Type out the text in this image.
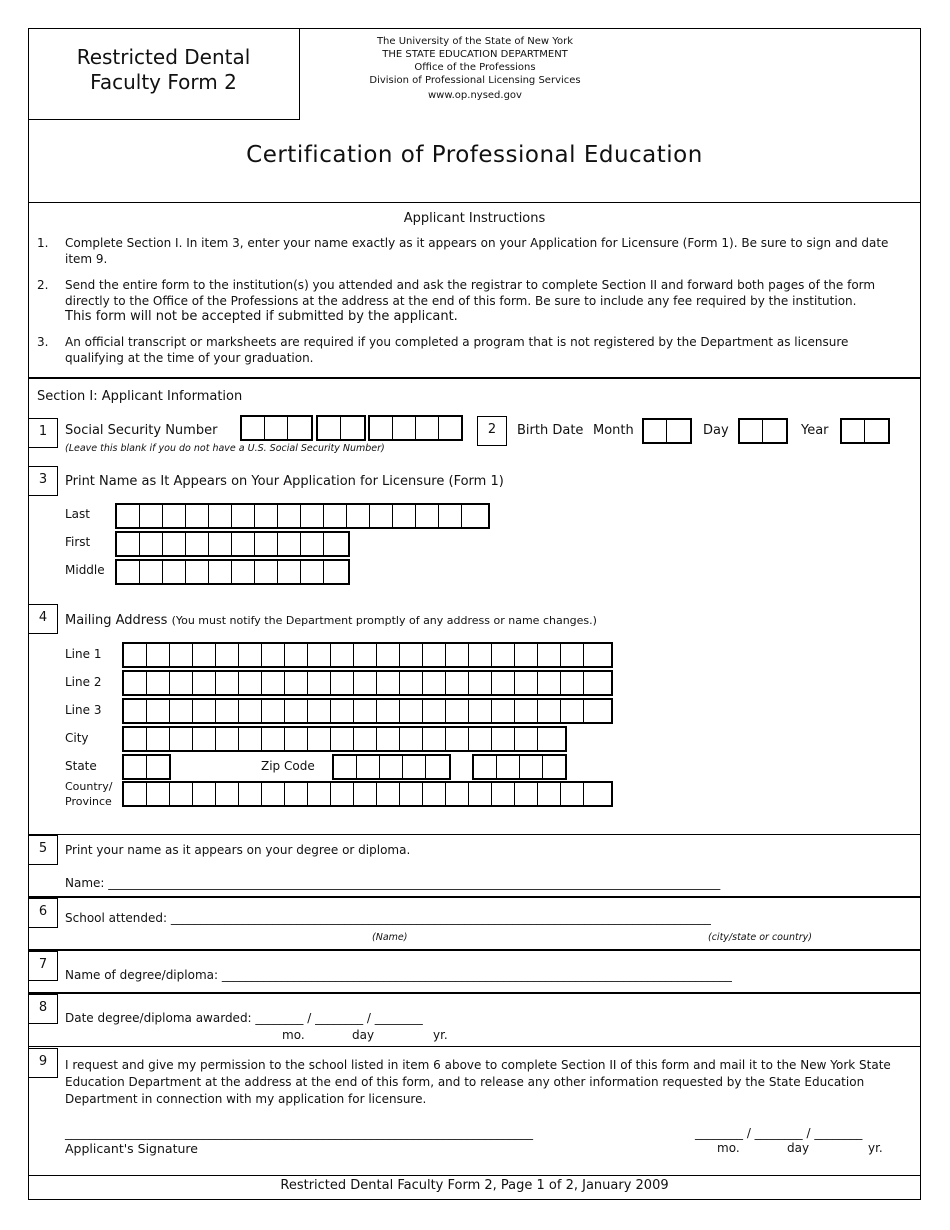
Restricted Dental
Faculty Form 2
The University of the State of New York
THE STATE EDUCATION DEPARTMENT
Office of the Professions
Division of Professional Licensing Services
www.op.nysed.gov
Certification of Professional Education
Applicant Instructions
1. Complete Section I. In item 3, enter your name exactly as it appears on your Application for Licensure (Form 1). Be sure to sign and date item 9.
2. Send the entire form to the institution(s) you attended and ask the registrar to complete Section II and forward both pages of the form directly to the Office of the Professions at the address at the end of this form. Be sure to include any fee required by the institution.
This form will not be accepted if submitted by the applicant.
3. An official transcript or marksheets are required if you completed a program that is not registered by the Department as licensure qualifying at the time of your graduation.
Section I: Applicant Information
1	Social Security Number
(Leave this blank if you do not have a U.S. Social Security Number)
2	Birth Date Month	Day	Year
3	Print Name as It Appears on Your Application for Licensure (Form 1)
Last
First
Middle
4	Mailing Address (You must notify the Department promptly of any address or name changes.)
Line 1
Line 2
Line 3
City
State	Zip Code
Country/
Province
5	Print your name as it appears on your degree or diploma.
Name: ______________________________________________________________________________________________________
6	School attended: __________________________________________________________________________________________
(Name)	(city/state or country)
7
Name of degree/diploma: _____________________________________________________________________________________
8
Date degree/diploma awarded: ________ / ________ / ________
mo.	day	yr.
9	I request and give my permission to the school listed in item 6 above to complete Section II of this form and mail it to the New York State Education Department at the address at the end of this form, and to release any other information requested by the State Education Department in connection with my application for licensure.
______________________________________________________________________________	________ / ________ / ________
Applicant's Signature	mo.	day	yr.
Restricted Dental Faculty Form 2, Page 1 of 2, January 2009
